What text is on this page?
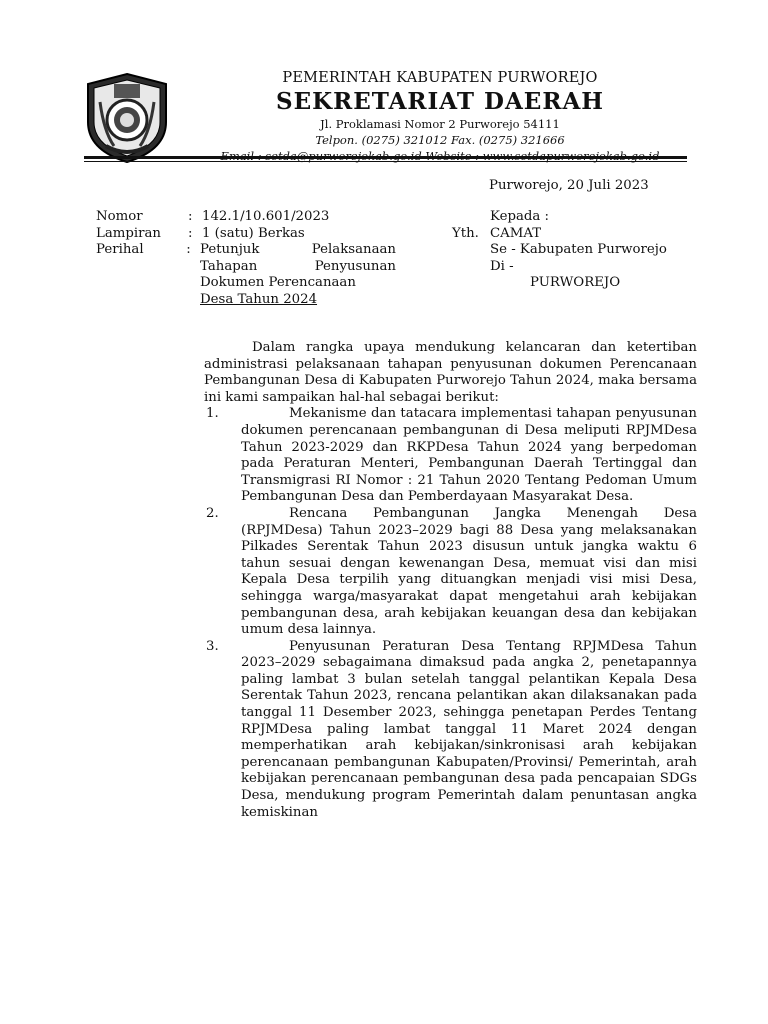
PEMERINTAH KABUPATEN PURWOREJO
SEKRETARIAT DAERAH
Jl. Proklamasi Nomor 2 Purworejo 54111
Telpon. (0275) 321012 Fax. (0275) 321666
Email : setda@purworejokab.go.id Website : www.setdapurworejokab.go.id
Purworejo, 20 Juli 2023
Nomor	: 142.1/10.601/2023
Lampiran	: 1 (satu) Berkas
Perihal	: Petunjuk Pelaksanaan Tahapan Penyusunan Dokumen Perencanaan
Desa Tahun 2024
Kepada :
Yth. CAMAT
Se - Kabupaten Purworejo
Di -
PURWOREJO

Dalam rangka upaya mendukung kelancaran dan ketertiban administrasi pelaksanaan tahapan penyusunan dokumen Perencanaan Pembangunan Desa di Kabupaten Purworejo Tahun 2024, maka bersama ini kami sampaikan hal-hal sebagai berikut:

1.	Mekanisme dan tatacara implementasi tahapan penyusunan dokumen perencanaan pembangunan di Desa meliputi RPJMDesa Tahun 2023-2029 dan RKPDesa Tahun 2024 yang berpedoman pada Peraturan Menteri, Pembangunan Daerah Tertinggal dan Transmigrasi RI Nomor : 21 Tahun 2020 Tentang Pedoman Umum Pembangunan Desa dan Pemberdayaan Masyarakat Desa.

2.	Rencana Pembangunan Jangka Menengah Desa (RPJMDesa) Tahun 2023–2029 bagi 88 Desa yang melaksanakan Pilkades Serentak Tahun 2023 disusun untuk jangka waktu 6 tahun sesuai dengan kewenangan Desa, memuat visi dan misi Kepala Desa terpilih yang dituangkan menjadi visi misi Desa, sehingga warga/masyarakat dapat mengetahui arah kebijakan pembangunan desa, arah kebijakan keuangan desa dan kebijakan umum desa lainnya.

3.	Penyusunan Peraturan Desa Tentang RPJMDesa Tahun 2023–2029 sebagaimana dimaksud pada angka 2, penetapannya paling lambat 3 bulan setelah tanggal pelantikan Kepala Desa Serentak Tahun 2023, rencana pelantikan akan dilaksanakan pada tanggal 11 Desember 2023, sehingga penetapan Perdes Tentang RPJMDesa paling lambat tanggal 11 Maret 2024 dengan memperhatikan arah kebijakan/sinkronisasi arah kebijakan perencanaan pembangunan Kabupaten/Provinsi/ Pemerintah, arah kebijakan perencanaan pembangunan desa pada pencapaian SDGs Desa, mendukung program Pemerintah dalam penuntasan angka kemiskinan
